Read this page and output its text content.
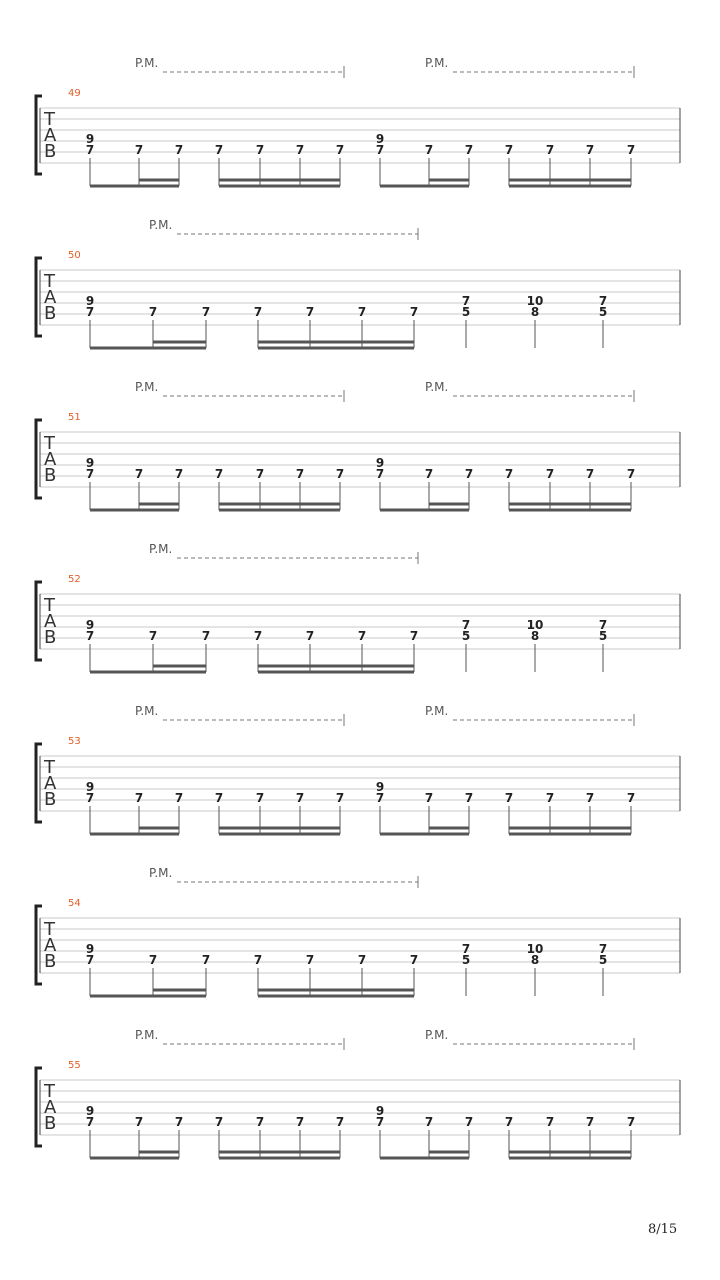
P.M.	P.M.
49
T
A
B
9
7	7	7	7	7	7	7
9
7	7	7	7	7	7	7
P.M.
50
T
A
B
9
7	7	7	7	7	7	7
7
5
10
8
7
5
P.M.	P.M.
51
T
A
B
9
7	7	7	7	7	7	7
9
7	7	7	7	7	7	7
P.M.
52
T
A
B
9
7	7	7	7	7	7	7
7
5
10
8
7
5
P.M.	P.M.
53
T
A
B
9
7	7	7	7	7	7	7
9
7	7	7	7	7	7	7
P.M.
54
T
A
B
9
7	7	7	7	7	7	7
7
5
10
8
7
5
P.M.	P.M.
55
T
A
B
9
7	7	7	7	7	7	7
9
7	7	7	7	7	7	7
8/15
